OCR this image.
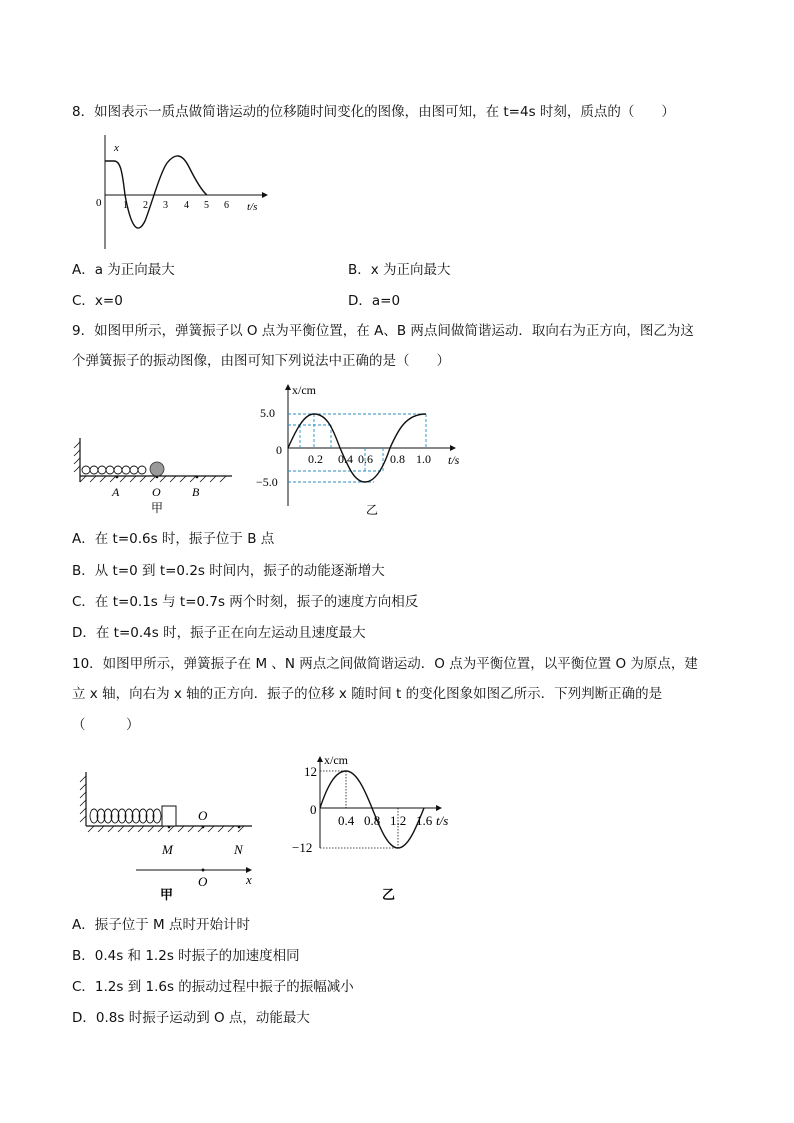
8．如图表示一质点做简谐运动的位移随时间变化的图像，由图可知，在 t=4s 时刻，质点的（　　）
x
0 1 2 3 4 5 6 t/s
A．a 为正向最大	B．x 为正向最大
C．x=0	D．a=0
9．如图甲所示，弹簧振子以 O 点为平衡位置，在 A、B 两点间做简谐运动．取向右为正方向，图乙为这
个弹簧振子的振动图像，由图可知下列说法中正确的是（　　）
A	O	B
甲
x/cm
5.0
0
−5.0
0.2 0.4 0.6 0.8 1.0 t/s
乙
A．在 t=0.6s 时，振子位于 B 点
B．从 t=0 到 t=0.2s 时间内，振子的动能逐渐增大
C．在 t=0.1s 与 t=0.7s 两个时刻，振子的速度方向相反
D．在 t=0.4s 时，振子正在向左运动且速度最大
10．如图甲所示，弹簧振子在 M 、N 两点之间做简谐运动．O 点为平衡位置，以平衡位置 O 为原点，建
立 x 轴，向右为 x 轴的正方向．振子的位移 x 随时间 t 的变化图象如图乙所示．下列判断正确的是
（　　　）
O
M	N
O	x
甲
x/cm
12
0
−12
0.4 0.8 1.2 1.6 t/s
乙
A．振子位于 M 点时开始计时
B．0.4s 和 1.2s 时振子的加速度相同
C．1.2s 到 1.6s 的振动过程中振子的振幅减小
D．0.8s 时振子运动到 O 点，动能最大
